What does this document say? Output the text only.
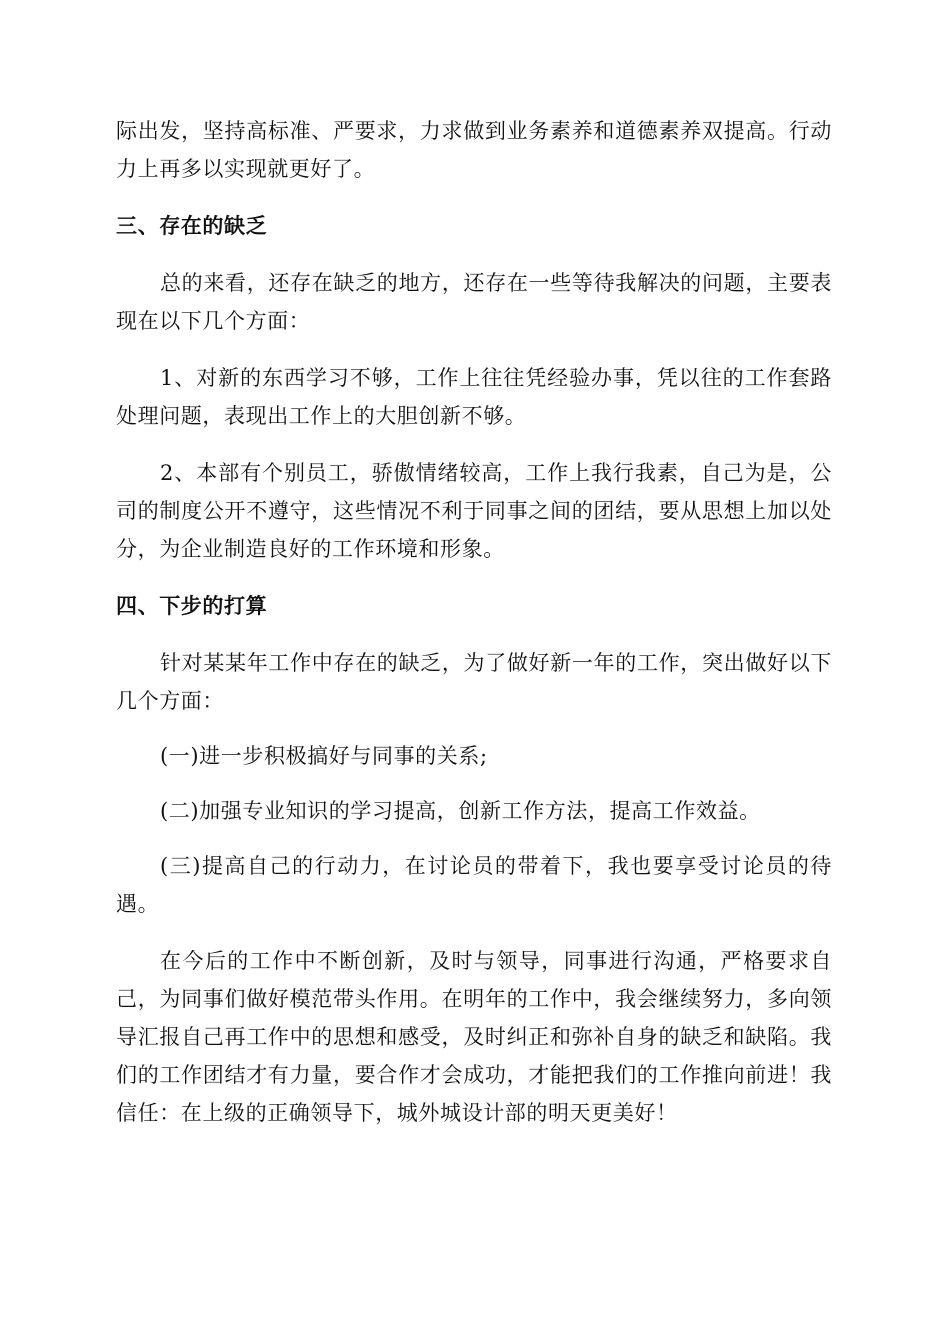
际出发，坚持高标准、严要求，力求做到业务素养和道德素养双提高。行动力上再多以实现就更好了。

三、存在的缺乏

总的来看，还存在缺乏的地方，还存在一些等待我解决的问题，主要表现在以下几个方面：

1、对新的东西学习不够，工作上往往凭经验办事，凭以往的工作套路处理问题，表现出工作上的大胆创新不够。

2、本部有个别员工，骄傲情绪较高，工作上我行我素，自己为是，公司的制度公开不遵守，这些情况不利于同事之间的团结，要从思想上加以处分，为企业制造良好的工作环境和形象。

四、下步的打算

针对某某年工作中存在的缺乏，为了做好新一年的工作，突出做好以下几个方面：

(一)进一步积极搞好与同事的关系;

(二)加强专业知识的学习提高，创新工作方法，提高工作效益。

(三)提高自己的行动力，在讨论员的带着下，我也要享受讨论员的待遇。

在今后的工作中不断创新，及时与领导，同事进行沟通，严格要求自己，为同事们做好模范带头作用。在明年的工作中，我会继续努力，多向领导汇报自己再工作中的思想和感受，及时纠正和弥补自身的缺乏和缺陷。我们的工作团结才有力量，要合作才会成功，才能把我们的工作推向前进！我信任：在上级的正确领导下，城外城设计部的明天更美好！
